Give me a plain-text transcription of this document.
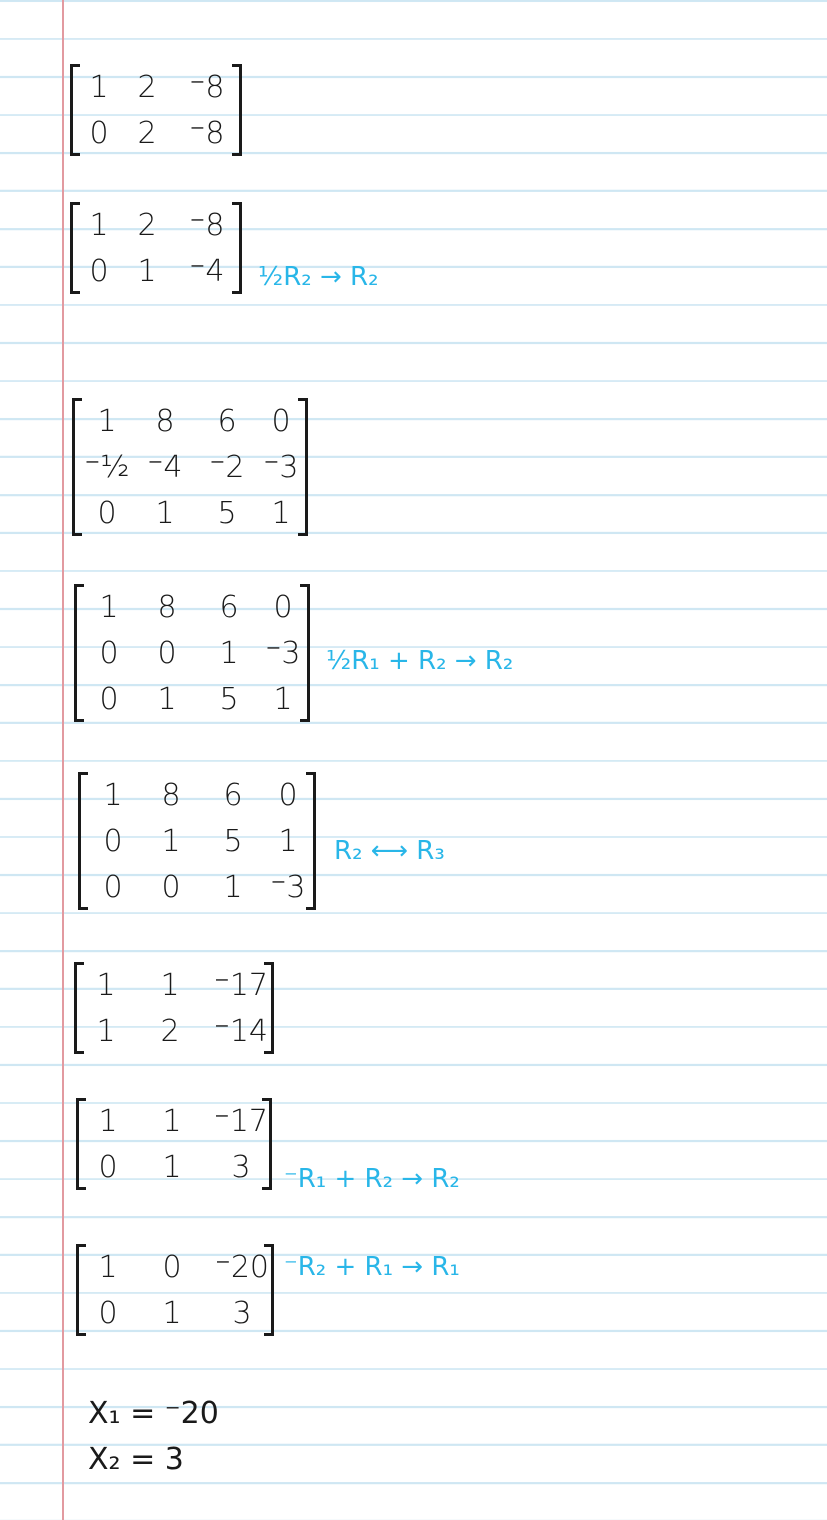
1 2	⁻8
0 2	⁻8
1 2	⁻8
0 1	⁻4	½R₂ → R₂
1	8	6	0
⁻½ ⁻4 ⁻2 ⁻3
0	1	5	1
1	8	6	0
0	0	1 ⁻3
0	1	5	1
½R₁ + R₂ → R₂
1	8	6	0
0	1	5	1
0	0	1 ⁻3
R₂ ⟷ R₃
1	1	⁻17
1	2	⁻14
1	1	⁻17
0	1	3	⁻R₁ + R₂ → R₂
1	0	⁻20
0	1	3
⁻R₂ + R₁ → R₁
X₁ = ⁻20
X₂ = 3
